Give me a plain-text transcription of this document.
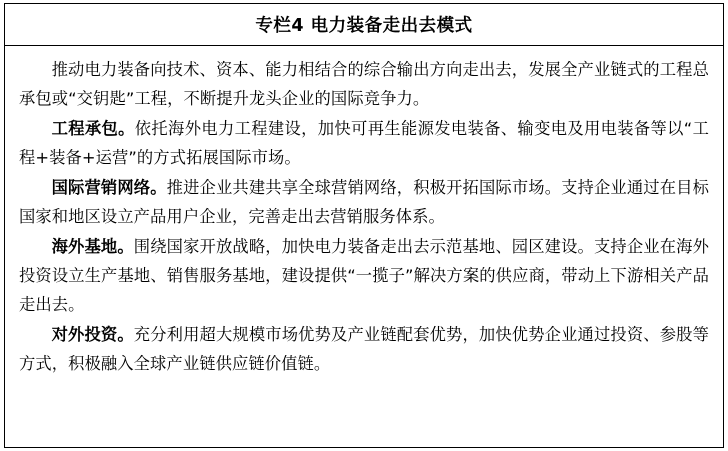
专栏4 电力装备走出去模式

推动电力装备向技术、资本、能力相结合的综合输出方向走出去，发展全产业链式的工程总承包或“交钥匙”工程，不断提升龙头企业的国际竞争力。

工程承包。依托海外电力工程建设，加快可再生能源发电装备、输变电及用电装备等以“工程+装备+运营”的方式拓展国际市场。

国际营销网络。推进企业共建共享全球营销网络，积极开拓国际市场。支持企业通过在目标国家和地区设立产品用户企业，完善走出去营销服务体系。

海外基地。围绕国家开放战略，加快电力装备走出去示范基地、园区建设。支持企业在海外投资设立生产基地、销售服务基地，建设提供“一揽子”解决方案的供应商，带动上下游相关产品走出去。

对外投资。充分利用超大规模市场优势及产业链配套优势，加快优势企业通过投资、参股等方式，积极融入全球产业链供应链价值链。
